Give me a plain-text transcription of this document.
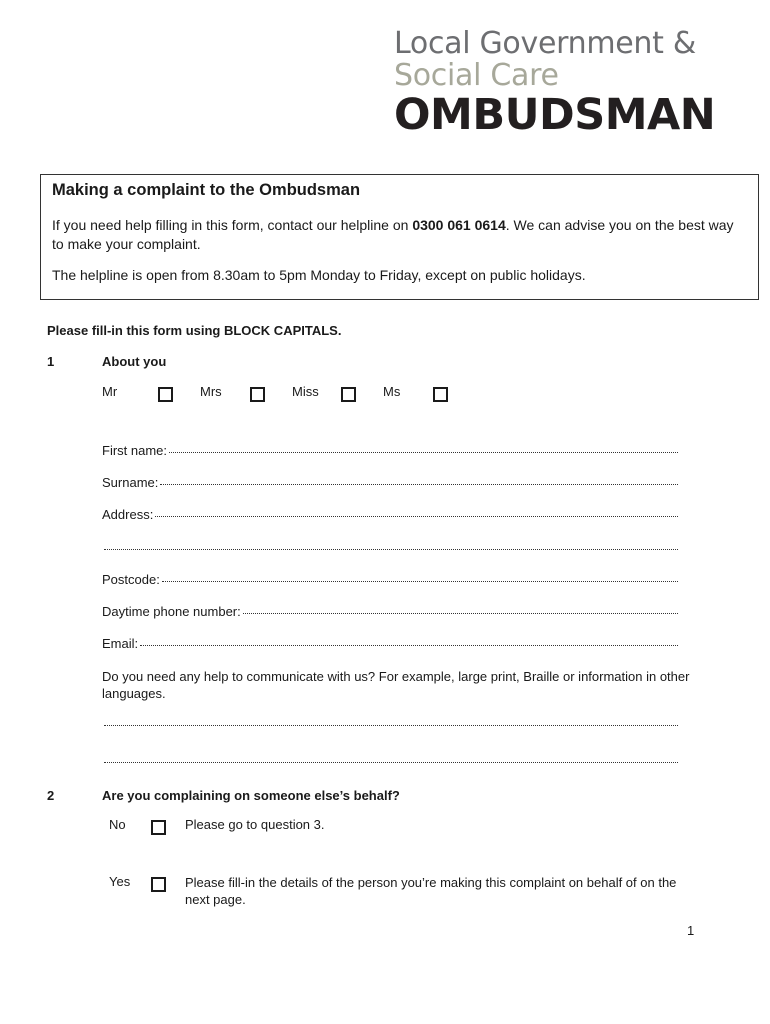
Local Government &
Social Care
OMBUDSMAN
Making a complaint to the Ombudsman
If you need help filling in this form, contact our helpline on 0300 061 0614. We can advise you on the best way to make your complaint.
The helpline is open from 8.30am to 5pm Monday to Friday, except on public holidays.
Please fill-in this form using BLOCK CAPITALS.
1	About you
Mr	Mrs	Miss	Ms
First name:
Surname:
Address:
Postcode:
Daytime phone number:
Email:
Do you need any help to communicate with us? For example, large print, Braille or information in other languages.
2	Are you complaining on someone else’s behalf?
No	Please go to question 3.
Yes	Please fill-in the details of the person you’re making this complaint on behalf of on the next page.
1
